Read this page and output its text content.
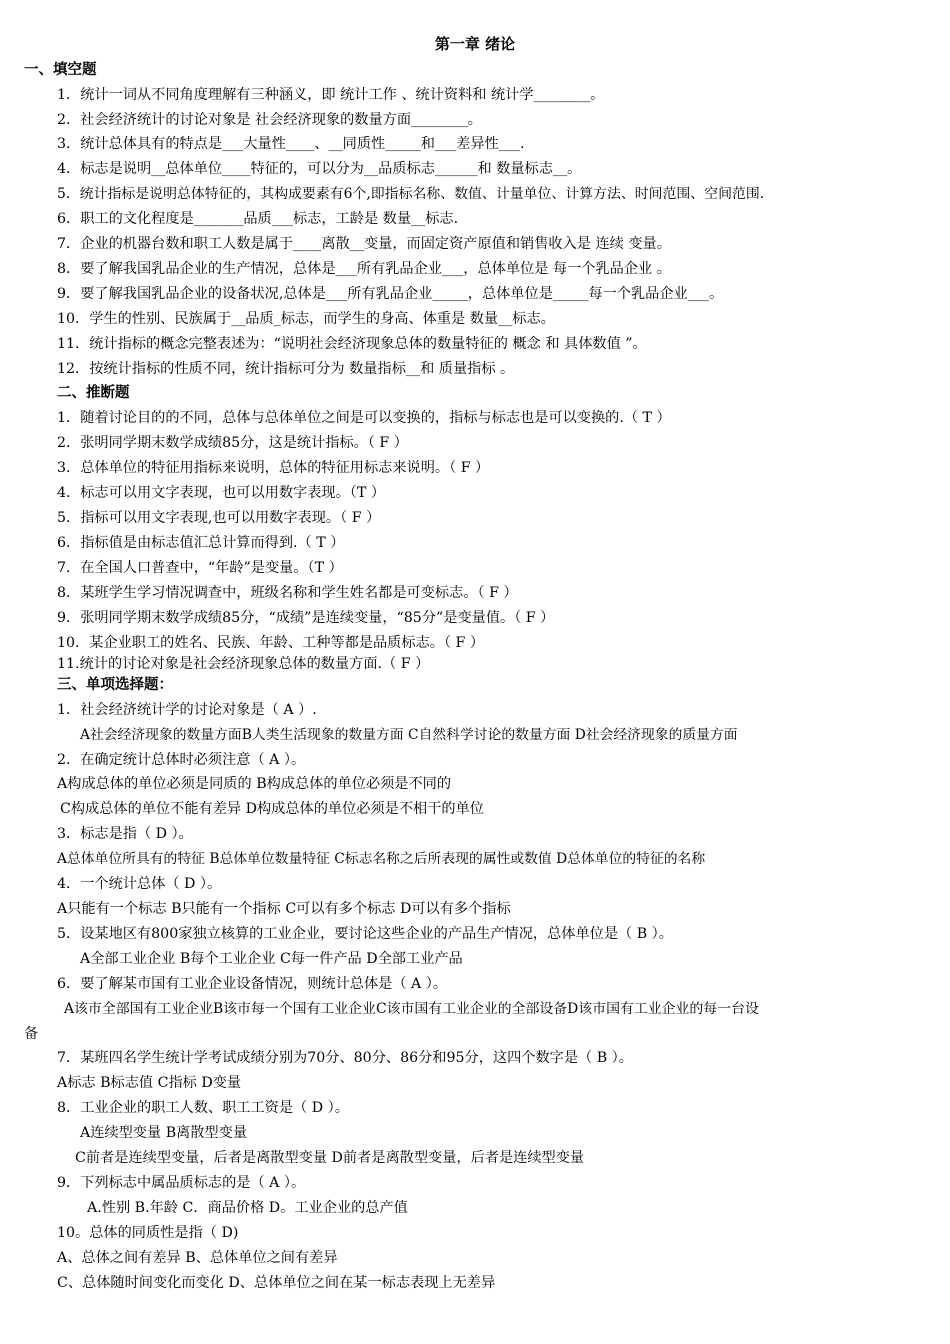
第一章 绪论
一、填空题
1．统计一词从不同角度理解有三种涵义，即 统计工作 、统计资料和 统计学________。
2．社会经济统计的讨论对象是 社会经济现象的数量方面________。
3．统计总体具有的特点是___大量性____、__同质性_____和___差异性___.
4．标志是说明__总体单位____特征的，可以分为__品质标志______和 数量标志__。
5．统计指标是说明总体特征的，其构成要素有6个,即指标名称、数值、计量单位、计算方法、时间范围、空间范围.
6．职工的文化程度是_______品质___标志，工龄是 数量__标志.
7．企业的机器台数和职工人数是属于____离散__变量，而固定资产原值和销售收入是 连续 变量。
8．要了解我国乳品企业的生产情况，总体是___所有乳品企业___，总体单位是 每一个乳品企业 。
9．要了解我国乳品企业的设备状况,总体是___所有乳品企业_____，总体单位是_____每一个乳品企业___。
10．学生的性别、民族属于__品质_标志，而学生的身高、体重是 数量__标志。
11．统计指标的概念完整表述为：“说明社会经济现象总体的数量特征的 概念 和 具体数值 ”。
12．按统计指标的性质不同，统计指标可分为 数量指标__和 质量指标 。
二、推断题
1．随着讨论目的的不同，总体与总体单位之间是可以变换的，指标与标志也是可以变换的.（ T ）
2．张明同学期末数学成绩85分，这是统计指标。（ F ）
3．总体单位的特征用指标来说明，总体的特征用标志来说明。（ F ）
4．标志可以用文字表现，也可以用数字表现。（T ）
5．指标可以用文字表现,也可以用数字表现。（ F ）
6．指标值是由标志值汇总计算而得到.（ T ）
7．在全国人口普查中，“年龄”是变量。（T ）
8．某班学生学习情况调查中，班级名称和学生姓名都是可变标志。（ F ）
9．张明同学期末数学成绩85分，“成绩”是连续变量，“85分”是变量值。（ F ）
10．某企业职工的姓名、民族、年龄、工种等都是品质标志。（ F ）
11.统计的讨论对象是社会经济现象总体的数量方面.（ F ）
三、单项选择题：
1．社会经济统计学的讨论对象是（ A ）.
A社会经济现象的数量方面B人类生活现象的数量方面 C自然科学讨论的数量方面 D社会经济现象的质量方面
2．在确定统计总体时必须注意（ A ）。
A构成总体的单位必须是同质的 B构成总体的单位必须是不同的
C构成总体的单位不能有差异 D构成总体的单位必须是不相干的单位
3．标志是指（ D ）。
A总体单位所具有的特征 B总体单位数量特征 C标志名称之后所表现的属性或数值 D总体单位的特征的名称
4．一个统计总体（ D ）。
A只能有一个标志 B只能有一个指标 C可以有多个标志 D可以有多个指标
5．设某地区有800家独立核算的工业企业，要讨论这些企业的产品生产情况，总体单位是（ B ）。
A全部工业企业 B每个工业企业 C每一件产品 D全部工业产品
6．要了解某市国有工业企业设备情况，则统计总体是（ A ）。
A该市全部国有工业企业B该市每一个国有工业企业C该市国有工业企业的全部设备D该市国有工业企业的每一台设
备
7．某班四名学生统计学考试成绩分别为70分、80分、86分和95分，这四个数字是（ B ）。
A标志 B标志值 C指标 D变量
8．工业企业的职工人数、职工工资是（ D ）。
A连续型变量 B离散型变量
C前者是连续型变量，后者是离散型变量 D前者是离散型变量，后者是连续型变量
9．下列标志中属品质标志的是（ A ）。
A.性别 B.年龄 C．商品价格 D。工业企业的总产值
10。总体的同质性是指（ D)
A、总体之间有差异 B、总体单位之间有差异
C、总体随时间变化而变化 D、总体单位之间在某一标志表现上无差异
